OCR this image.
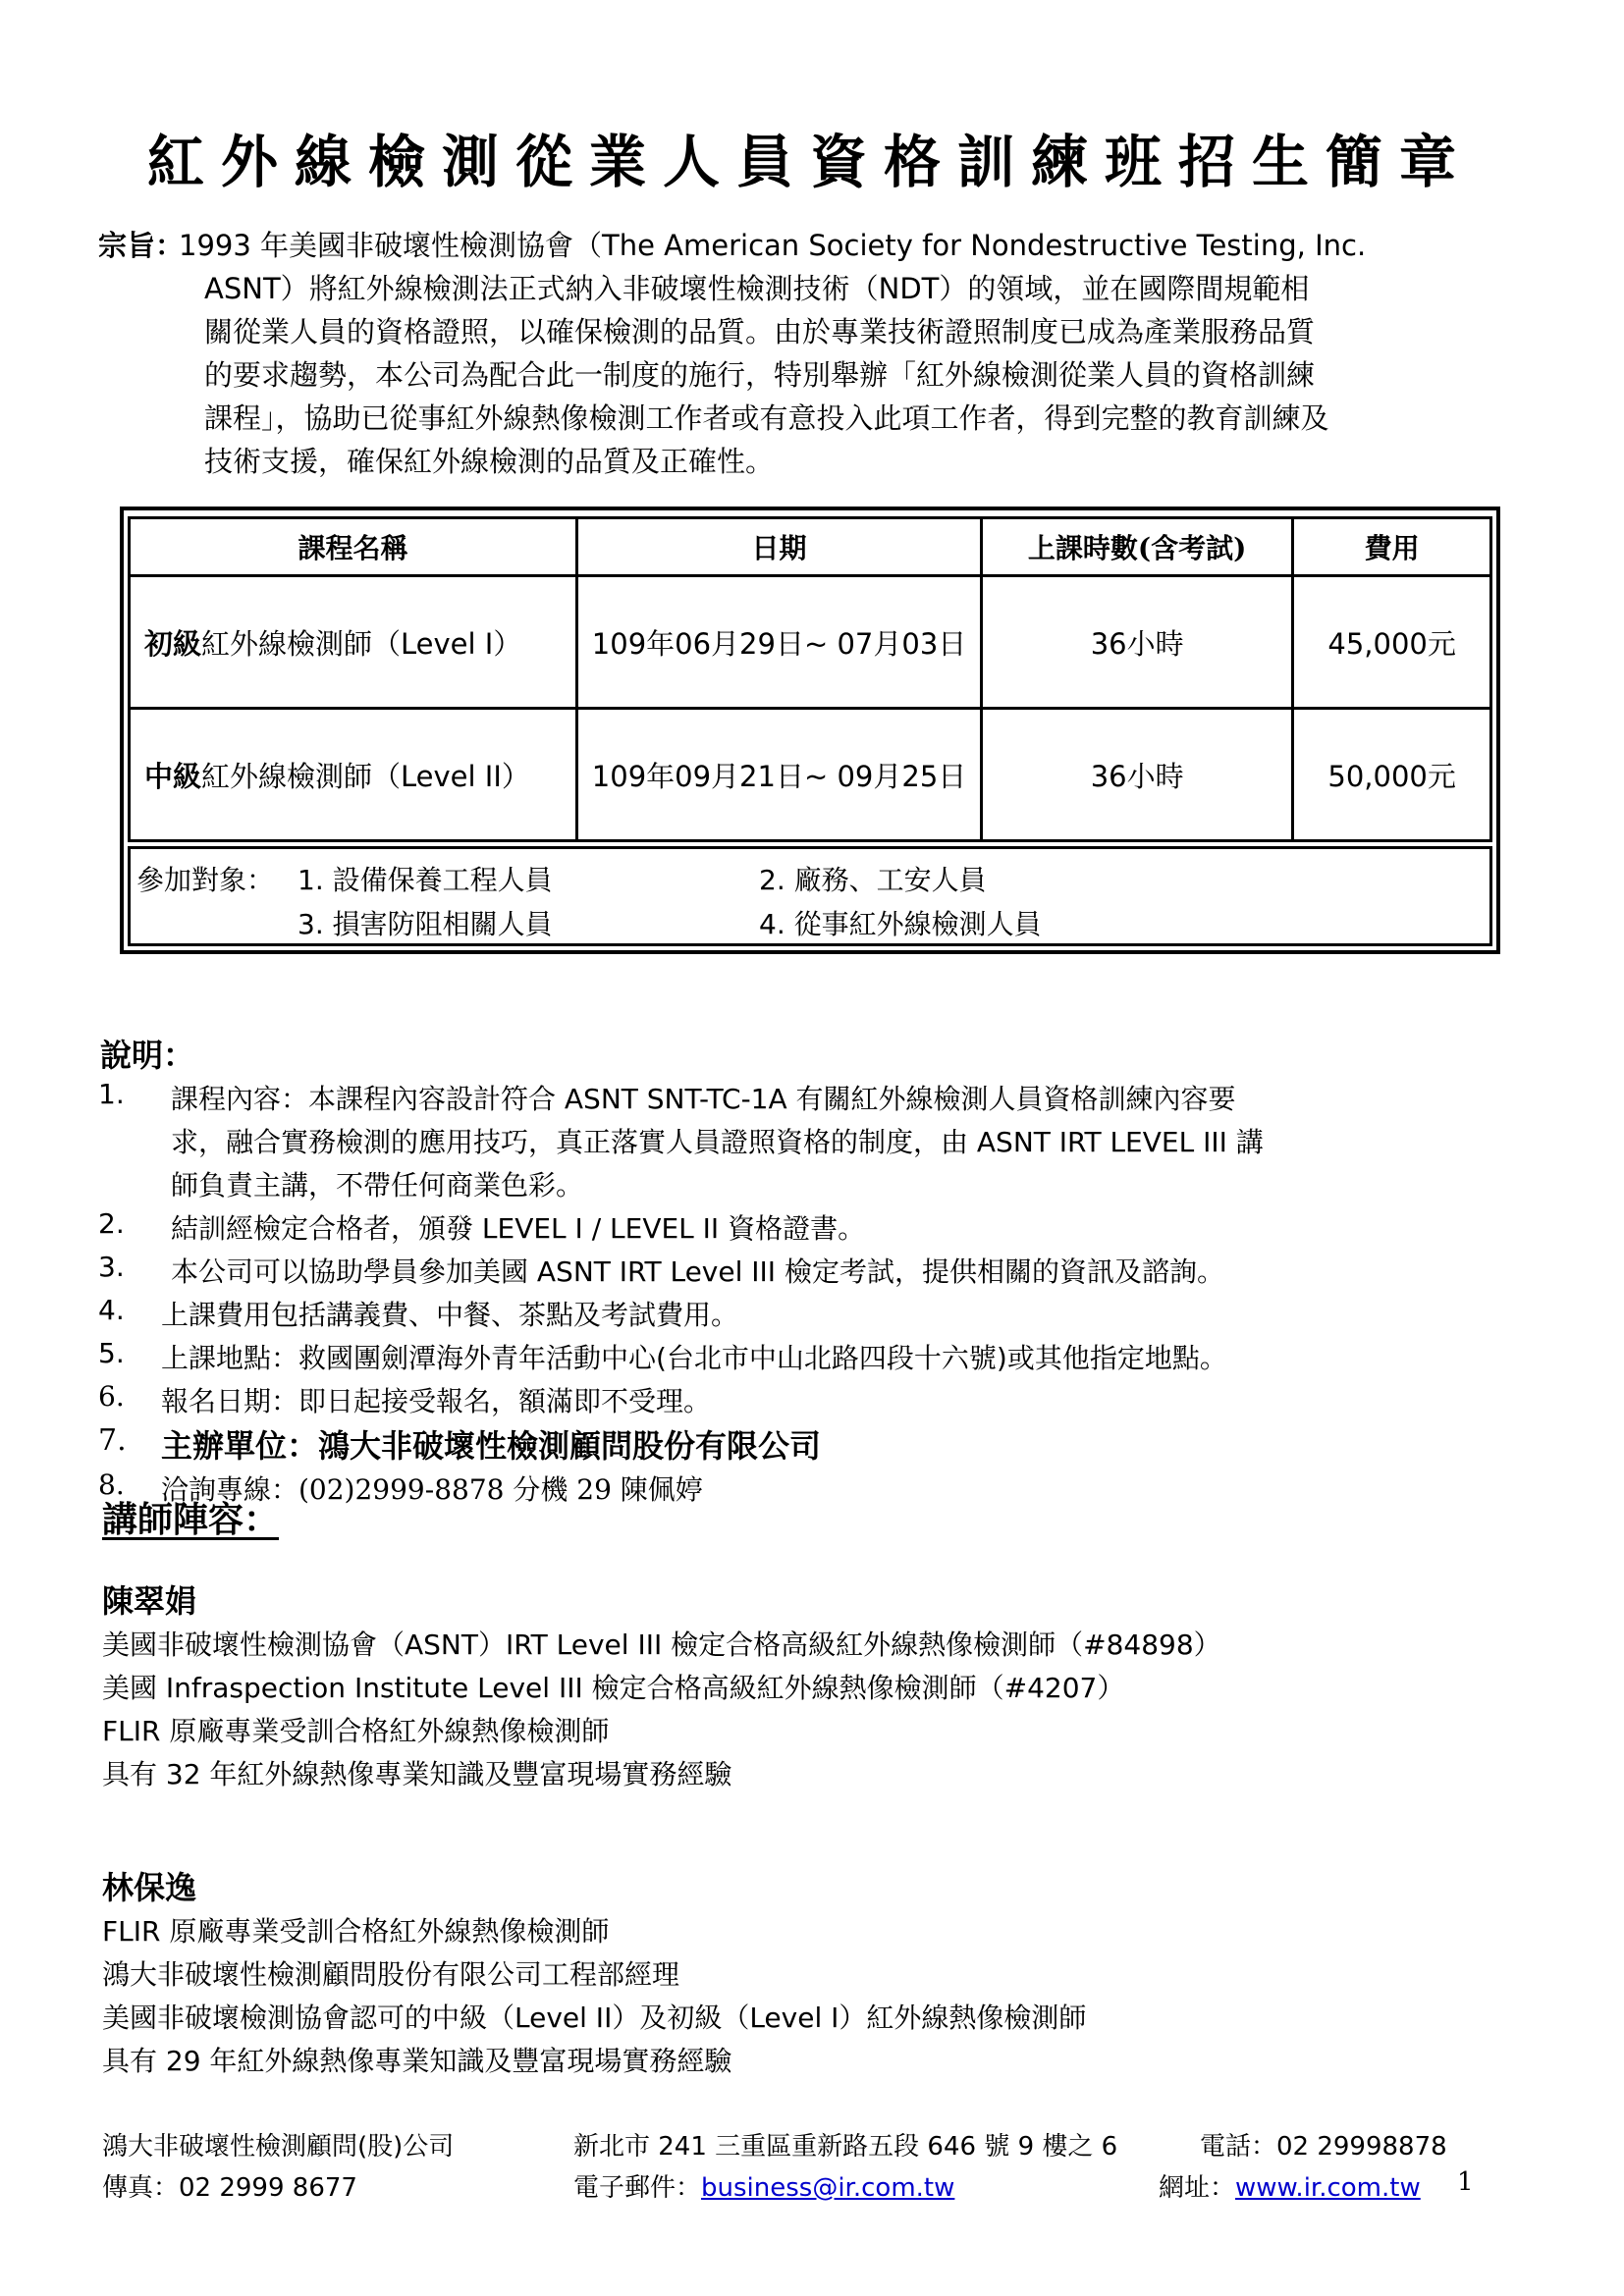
紅外線檢測從業人員資格訓練班招生簡章
宗旨：
1993 年美國非破壞性檢測協會（The American Society for Nondestructive Testing, Inc.
ASNT）將紅外線檢測法正式納入非破壞性檢測技術（NDT）的領域，並在國際間規範相
關從業人員的資格證照，以確保檢測的品質。由於專業技術證照制度已成為產業服務品質
的要求趨勢，本公司為配合此一制度的施行，特別舉辦「紅外線檢測從業人員的資格訓練
課程」，協助已從事紅外線熱像檢測工作者或有意投入此項工作者，得到完整的教育訓練及
技術支援，確保紅外線檢測的品質及正確性。
課程名稱	日期	上課時數(含考試)	費用
初級紅外線檢測師（Level I）	109年06月29日~ 07月03日	36小時	45,000元
中級紅外線檢測師（Level II）	109年09月21日~ 09月25日	36小時	50,000元
參加對象： 1. 設備保養工程人員	2. 廠務、工安人員
3. 損害防阻相關人員	4. 從事紅外線檢測人員
說明：
1. 課程內容：本課程內容設計符合 ASNT SNT-TC-1A 有關紅外線檢測人員資格訓練內容要
求，融合實務檢測的應用技巧，真正落實人員證照資格的制度，由 ASNT IRT LEVEL III 講
師負責主講，不帶任何商業色彩。
2. 結訓經檢定合格者，頒發 LEVEL I / LEVEL II 資格證書。
3. 本公司可以協助學員參加美國 ASNT IRT Level III 檢定考試，提供相關的資訊及諮詢。
4. 上課費用包括講義費、中餐、茶點及考試費用。
5. 上課地點：救國團劍潭海外青年活動中心(台北市中山北路四段十六號)或其他指定地點。
6. 報名日期：即日起接受報名，額滿即不受理。
7. 主辦單位：鴻大非破壞性檢測顧問股份有限公司
8. 洽詢專線：(02)2999-8878 分機 29 陳佩婷
講師陣容：
陳翠娟
美國非破壞性檢測協會（ASNT）IRT Level III 檢定合格高級紅外線熱像檢測師（#84898）
美國 Infraspection Institute Level III 檢定合格高級紅外線熱像檢測師（#4207）
FLIR 原廠專業受訓合格紅外線熱像檢測師
具有 32 年紅外線熱像專業知識及豐富現場實務經驗
林保逸
FLIR 原廠專業受訓合格紅外線熱像檢測師
鴻大非破壞性檢測顧問股份有限公司工程部經理
美國非破壞檢測協會認可的中級（Level II）及初級（Level I）紅外線熱像檢測師
具有 29 年紅外線熱像專業知識及豐富現場實務經驗
鴻大非破壞性檢測顧問(股)公司	新北市 241 三重區重新路五段 646 號 9 樓之 6	電話：02 29998878
傳真：02 2999 8677	電子郵件：business@ir.com.tw	網址：www.ir.com.tw 1
